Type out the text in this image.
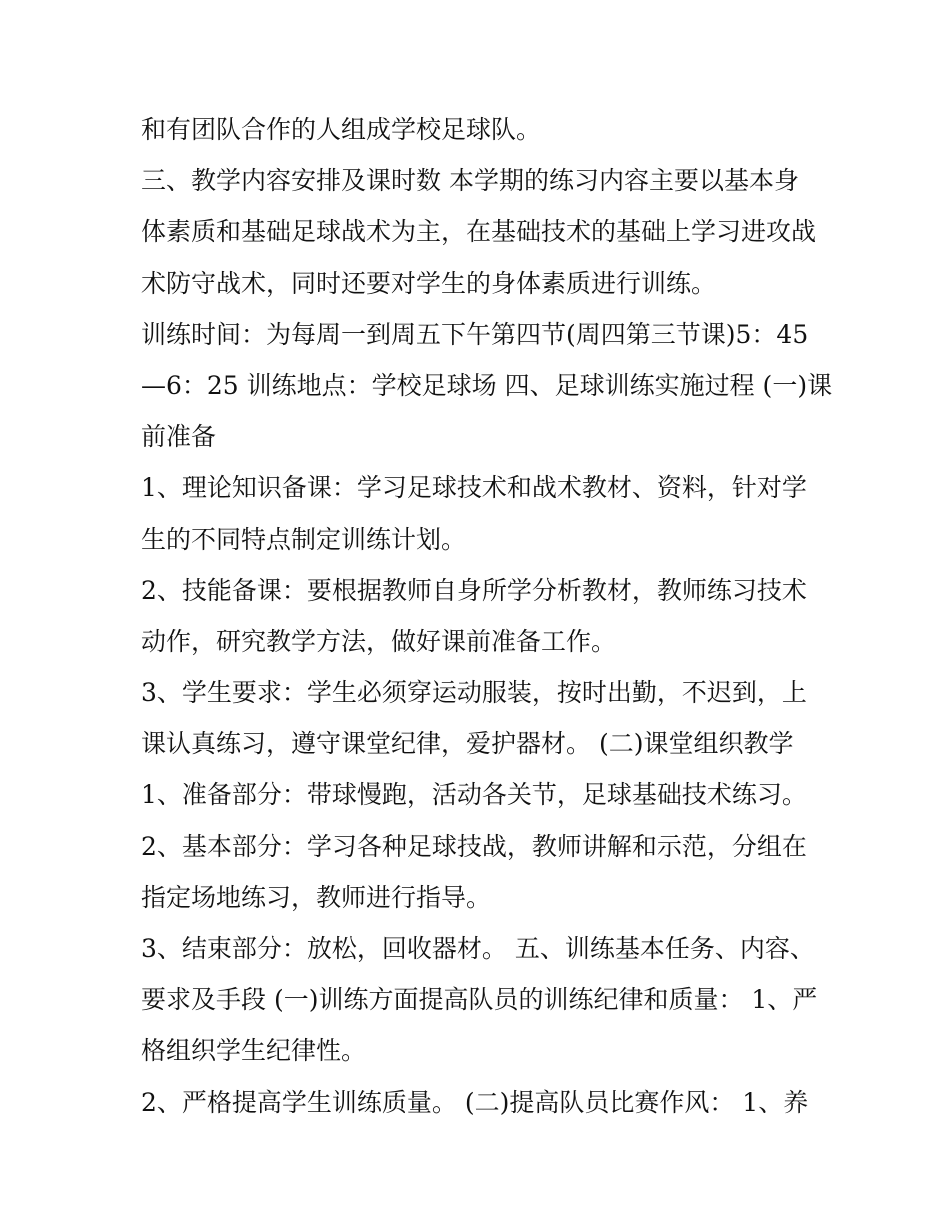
和有团队合作的人组成学校足球队。
三、教学内容安排及课时数 本学期的练习内容主要以基本身
体素质和基础足球战术为主，在基础技术的基础上学习进攻战
术防守战术，同时还要对学生的身体素质进行训练。
训练时间：为每周一到周五下午第四节(周四第三节课)5：45
—6：25 训练地点：学校足球场 四、足球训练实施过程 (一)课
前准备
1、理论知识备课：学习足球技术和战术教材、资料，针对学
生的不同特点制定训练计划。
2、技能备课：要根据教师自身所学分析教材，教师练习技术
动作，研究教学方法，做好课前准备工作。
3、学生要求：学生必须穿运动服装，按时出勤，不迟到，上
课认真练习，遵守课堂纪律，爱护器材。 (二)课堂组织教学
1、准备部分：带球慢跑，活动各关节，足球基础技术练习。
2、基本部分：学习各种足球技战，教师讲解和示范，分组在
指定场地练习，教师进行指导。
3、结束部分：放松，回收器材。 五、训练基本任务、内容、
要求及手段 (一)训练方面提高队员的训练纪律和质量： 1、严
格组织学生纪律性。
2、严格提高学生训练质量。 (二)提高队员比赛作风： 1、养
